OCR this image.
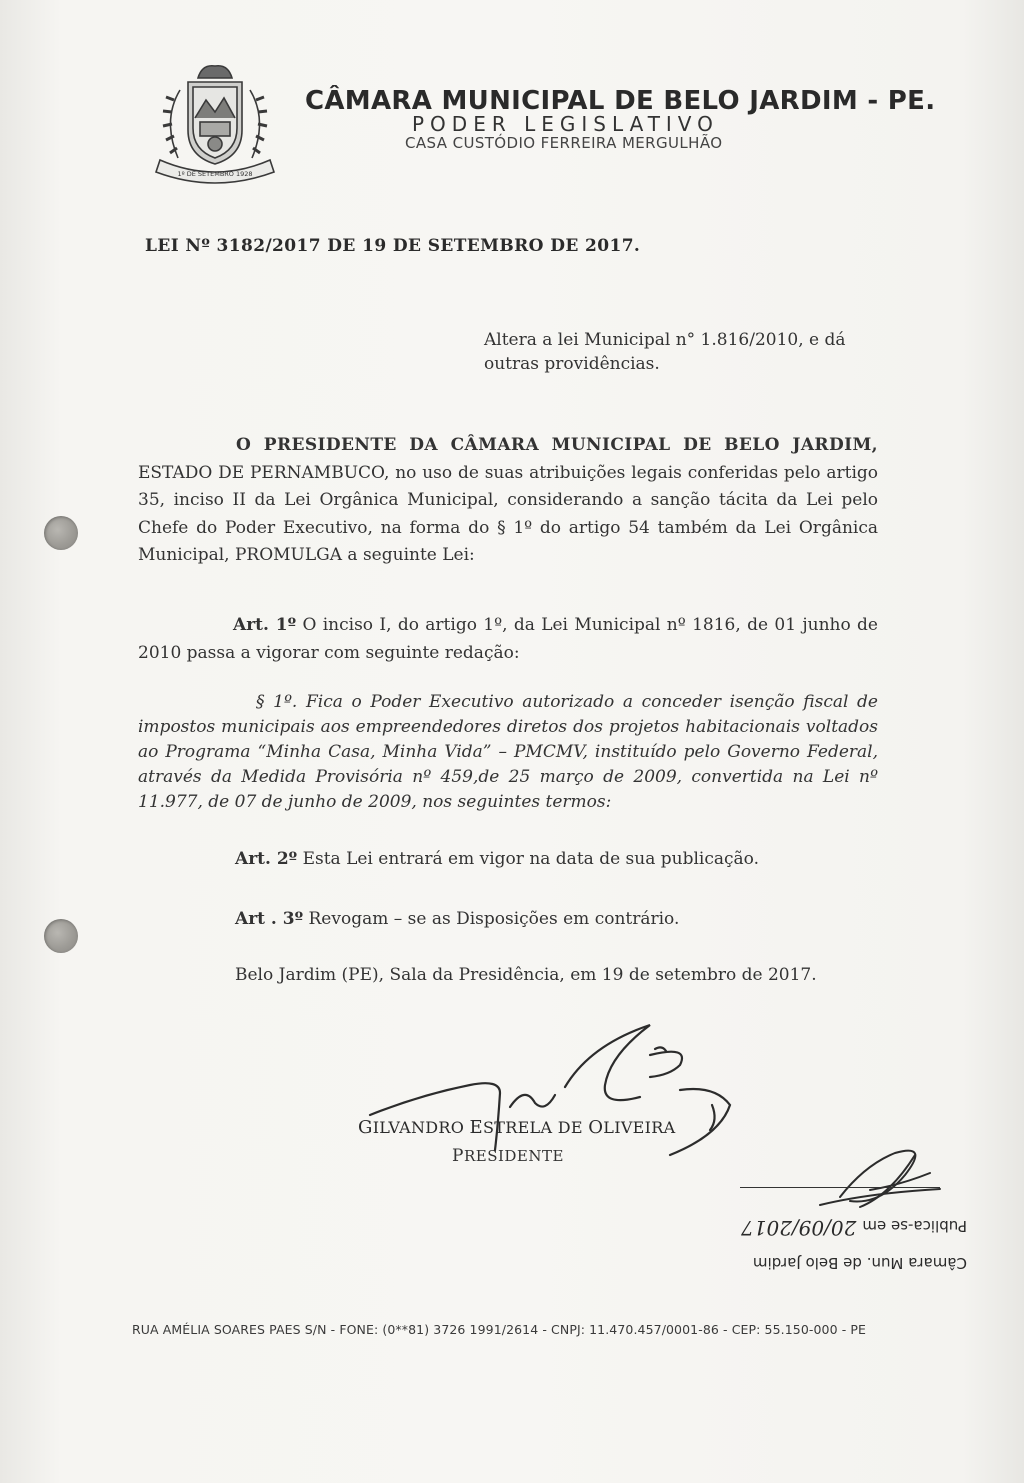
1º DE SETEMBRO 1928
CÂMARA MUNICIPAL DE BELO JARDIM - PE.
PODER LEGISLATIVO
CASA CUSTÓDIO FERREIRA MERGULHÃO
LEI Nº 3182/2017 DE 19 DE SETEMBRO DE 2017.
Altera a lei Municipal n° 1.816/2010, e dá outras providências.
O PRESIDENTE DA CÂMARA MUNICIPAL DE BELO JARDIM, ESTADO DE PERNAMBUCO, no uso de suas atribuições legais conferidas pelo artigo 35, inciso II da Lei Orgânica Municipal, considerando a sanção tácita da Lei pelo Chefe do Poder Executivo, na forma do § 1º do artigo 54 também da Lei Orgânica Municipal, PROMULGA a seguinte Lei:
Art. 1º O inciso I, do artigo 1º, da Lei Municipal nº 1816, de 01 junho de 2010 passa a vigorar com seguinte redação:
§ 1º. Fica o Poder Executivo autorizado a conceder isenção fiscal de impostos municipais aos empreendedores diretos dos projetos habitacionais voltados ao Programa “Minha Casa, Minha Vida” – PMCMV, instituído pelo Governo Federal, através da Medida Provisória nº 459,de 25 março de 2009, convertida na Lei nº 11.977, de 07 de junho de 2009, nos seguintes termos:
Art. 2º Esta Lei entrará em vigor na data de sua publicação.
Art . 3º Revogam – se as Disposições em contrário.
Belo Jardim (PE), Sala da Presidência, em 19 de setembro de 2017.
GILVANDRO ESTRELA DE OLIVEIRA
PRESIDENTE
Câmara Mun. de Belo Jardim
Publica-se em20/09/2017
RUA AMÉLIA SOARES PAES S/N - FONE: (0**81) 3726 1991/2614 - CNPJ: 11.470.457/0001-86 - CEP: 55.150-000 - PE
